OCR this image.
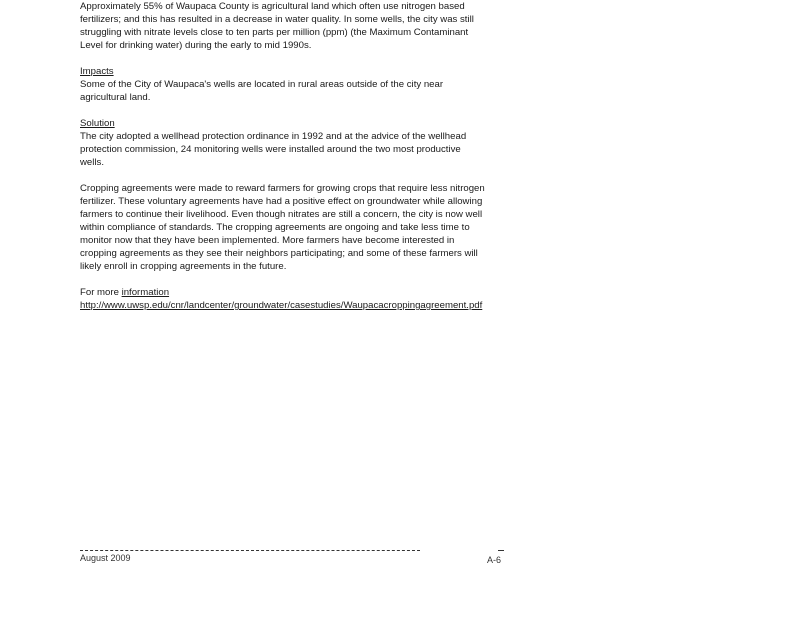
Approximately 55% of Waupaca County is agricultural land which often use nitrogen based

fertilizers; and this has resulted in a decrease in water quality. In some wells, the city was still

struggling with nitrate levels close to ten parts per million (ppm) (the Maximum Contaminant

Level for drinking water) during the early to mid 1990s.

Impacts

Some of the City of Waupaca's wells are located in rural areas outside of the city near

agricultural land.

Solution

The city adopted a wellhead protection ordinance in 1992 and at the advice of the wellhead

protection commission, 24 monitoring wells were installed around the two most productive

wells.

Cropping agreements were made to reward farmers for growing crops that require less nitrogen

fertilizer. These voluntary agreements have had a positive effect on groundwater while allowing

farmers to continue their livelihood. Even though nitrates are still a concern, the city is now well

within compliance of standards. The cropping agreements are ongoing and take less time to

monitor now that they have been implemented. More farmers have become interested in

cropping agreements as they see their neighbors participating; and some of these farmers will

likely enroll in cropping agreements in the future.

For more information

http://www.uwsp.edu/cnr/landcenter/groundwater/casestudies/Waupacacroppingagreement.pdf

August 2009	A-6
